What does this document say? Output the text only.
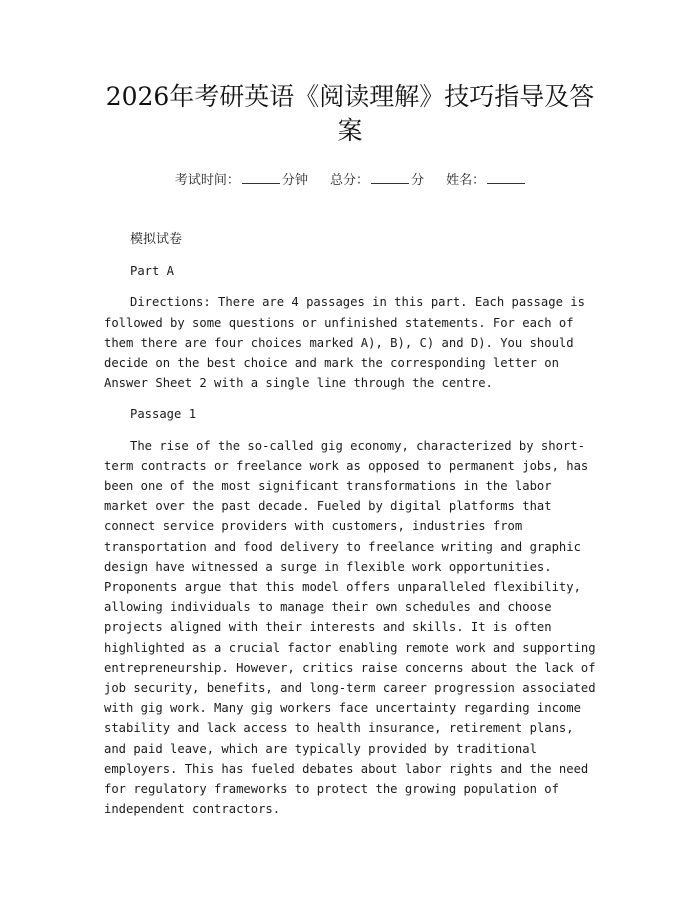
2026年考研英语《阅读理解》技巧指导及答案
考试时间：	分钟 总分：	分 姓名：

模拟试卷

Part A

Directions: There are 4 passages in this part. Each passage is followed by some questions or unfinished statements. For each of them there are four choices marked A), B), C) and D). You should decide on the best choice and mark the corresponding letter on Answer Sheet 2 with a single line through the centre.

Passage 1

The rise of the so-called gig economy, characterized by short-term contracts or freelance work as opposed to permanent jobs, has been one of the most significant transformations in the labor market over the past decade. Fueled by digital platforms that connect service providers with customers, industries from transportation and food delivery to freelance writing and graphic design have witnessed a surge in flexible work opportunities. Proponents argue that this model offers unparalleled flexibility, allowing individuals to manage their own schedules and choose projects aligned with their interests and skills. It is often highlighted as a crucial factor enabling remote work and supporting entrepreneurship. However, critics raise concerns about the lack of job security, benefits, and long-term career progression associated with gig work. Many gig workers face uncertainty regarding income stability and lack access to health insurance, retirement plans, and paid leave, which are typically provided by traditional employers. This has fueled debates about labor rights and the need for regulatory frameworks to protect the growing population of independent contractors.
